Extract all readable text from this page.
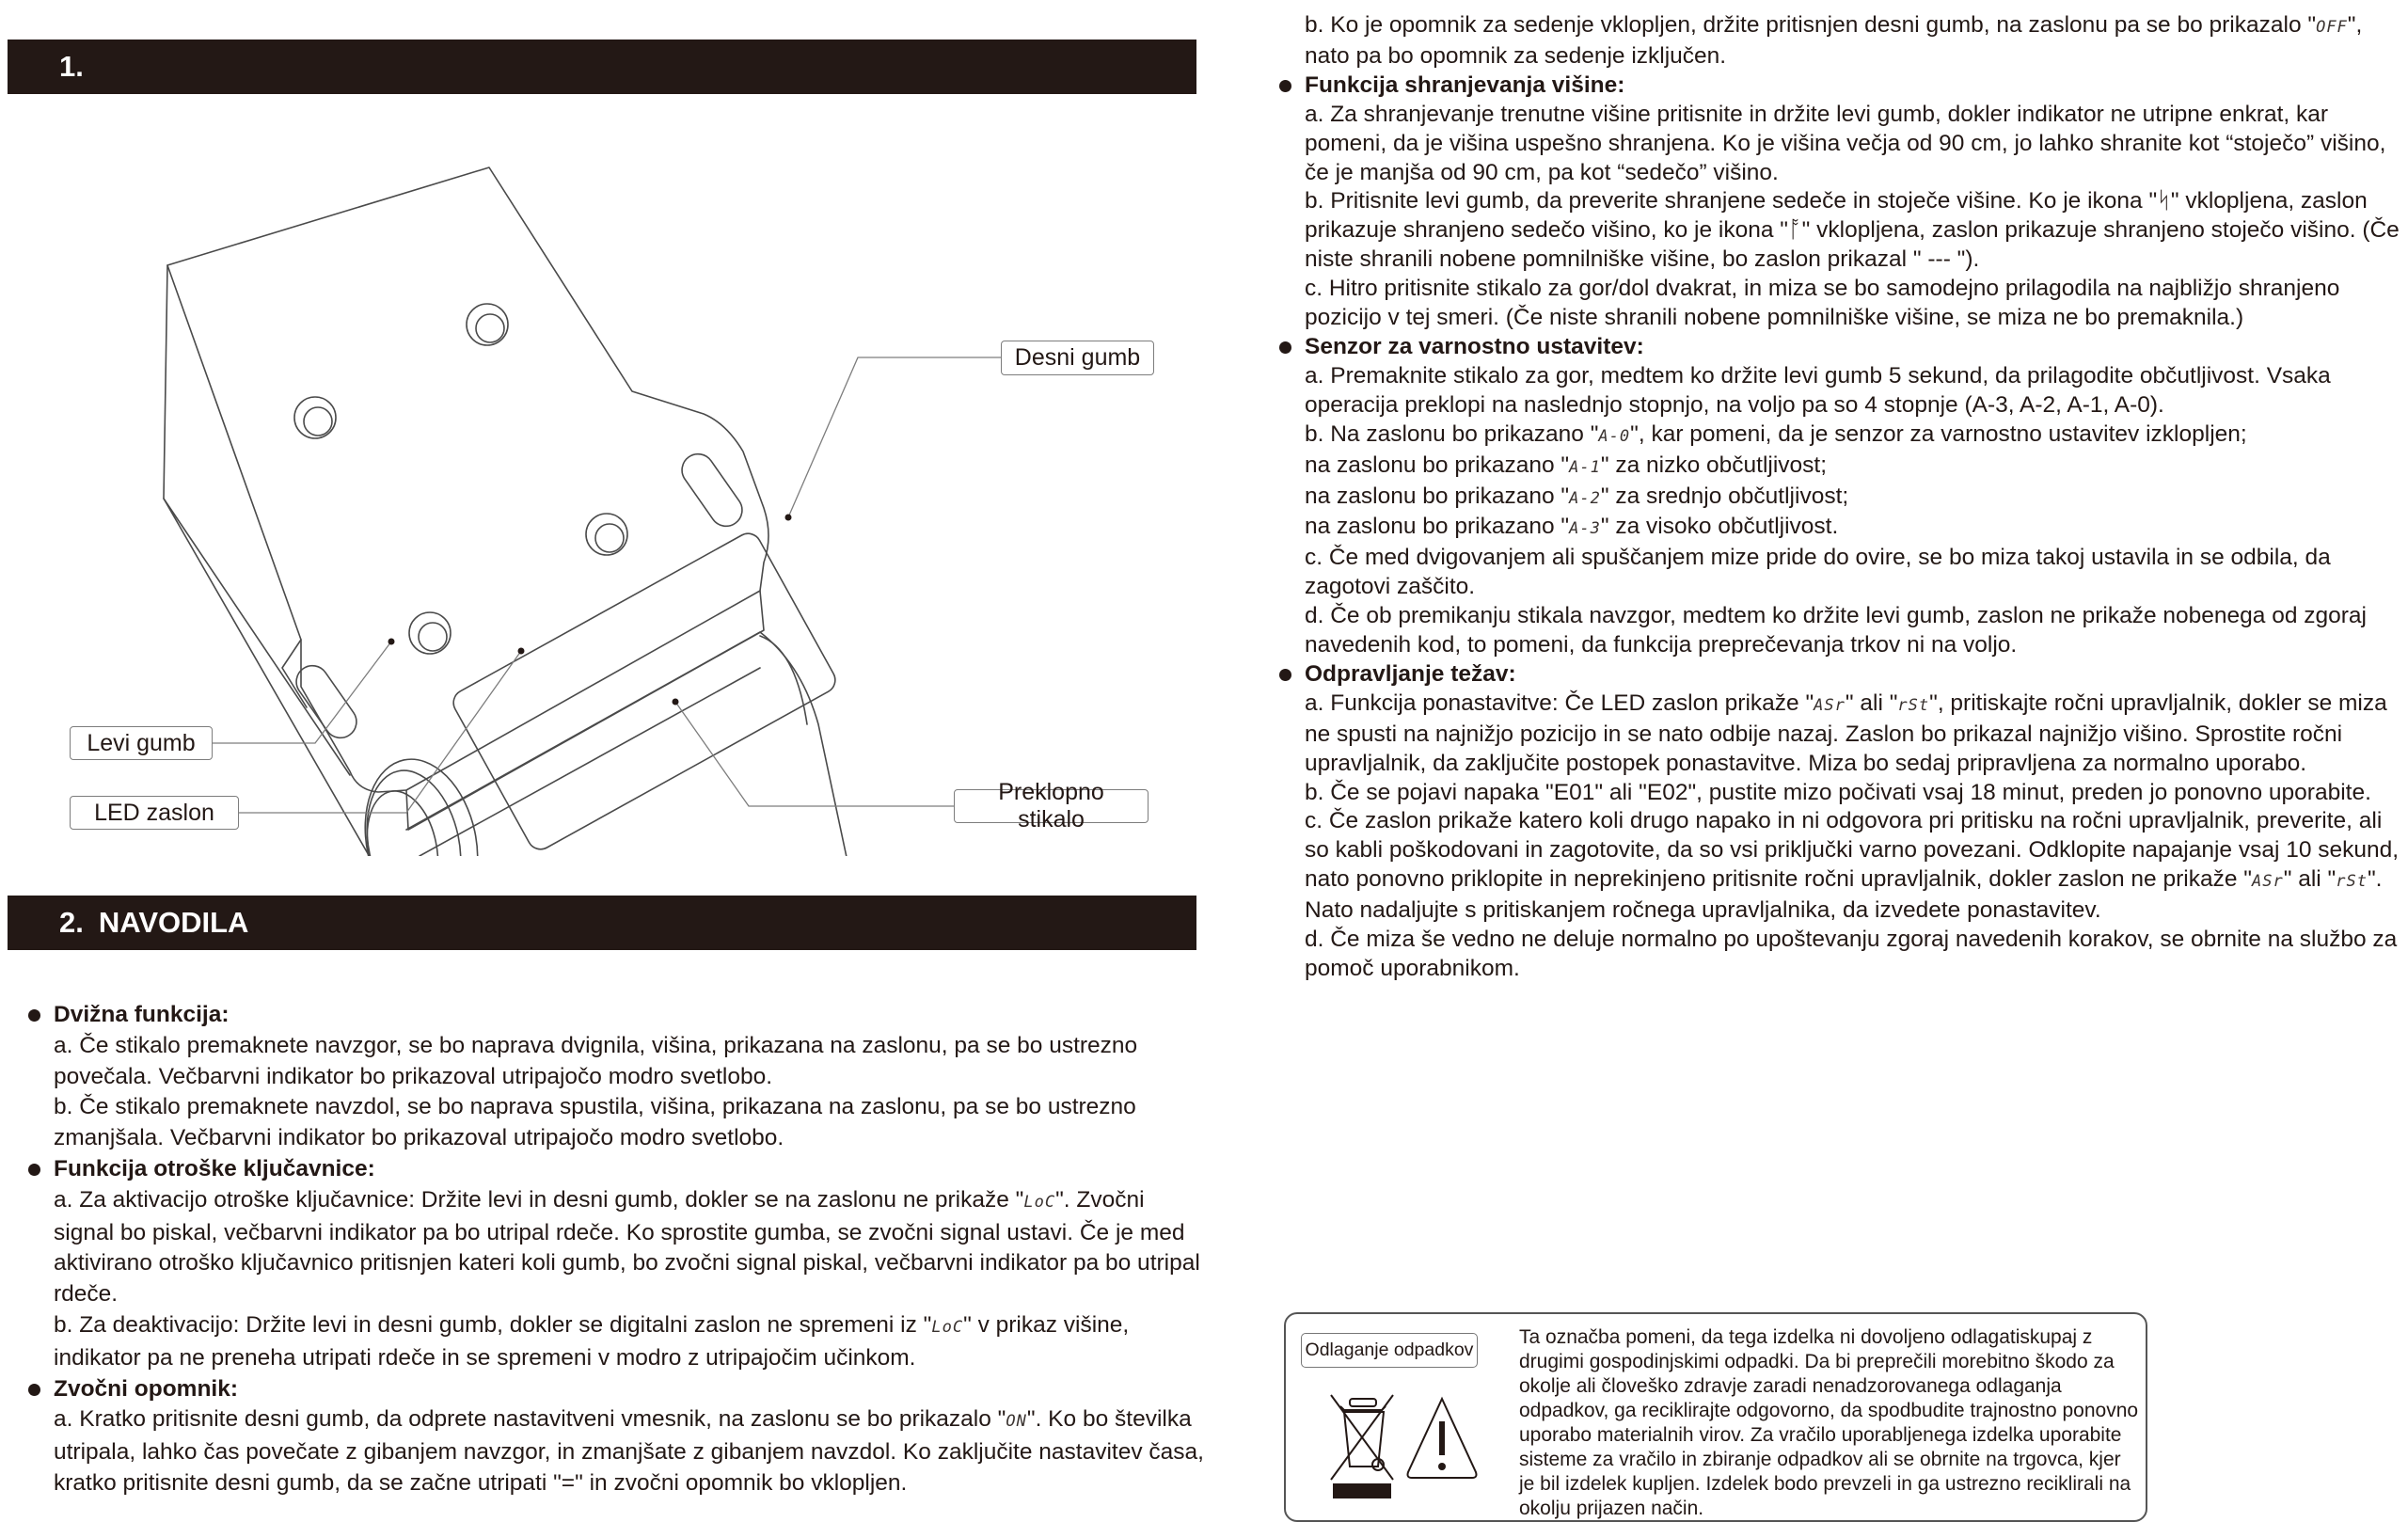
1.
Desni gumb
Levi gumb
LED zaslon
Preklopno stikalo
2. NAVODILA
Dvižna funkcija:
a. Če stikalo premaknete navzgor, se bo naprava dvignila, višina, prikazana na zaslonu, pa se bo ustrezno povečala. Večbarvni indikator bo prikazoval utripajočo modro svetlobo.
b. Če stikalo premaknete navzdol, se bo naprava spustila, višina, prikazana na zaslonu, pa se bo ustrezno zmanjšala. Večbarvni indikator bo prikazoval utripajočo modro svetlobo.
Funkcija otroške ključavnice:
a. Za aktivacijo otroške ključavnice: Držite levi in desni gumb, dokler se na zaslonu ne prikaže "LoC". Zvočni signal bo piskal, večbarvni indikator pa bo utripal rdeče. Ko sprostite gumba, se zvočni signal ustavi. Če je med aktivirano otroško ključavnico pritisnjen kateri koli gumb, bo zvočni signal piskal, večbarvni indikator pa bo utripal rdeče.
b. Za deaktivacijo: Držite levi in desni gumb, dokler se digitalni zaslon ne spremeni iz "LoC" v prikaz višine, indikator pa ne preneha utripati rdeče in se spremeni v modro z utripajočim učinkom.
Zvočni opomnik:
a. Kratko pritisnite desni gumb, da odprete nastavitveni vmesnik, na zaslonu se bo prikazalo "ON". Ko bo številka utripala, lahko čas povečate z gibanjem navzgor, in zmanjšate z gibanjem navzdol. Ko zaključite nastavitev časa, kratko pritisnite desni gumb, da se začne utripati "=" in zvočni opomnik bo vklopljen.
b. Ko je opomnik za sedenje vklopljen, držite pritisnjen desni gumb, na zaslonu pa se bo prikazalo "OFF", nato pa bo opomnik za sedenje izključen.
Funkcija shranjevanja višine:
a. Za shranjevanje trenutne višine pritisnite in držite levi gumb, dokler indikator ne utripne enkrat, kar pomeni, da je višina uspešno shranjena. Ko je višina večja od 90 cm, jo lahko shranite kot “stoječo” višino, če je manjša od 90 cm, pa kot “sedečo” višino.
b. Pritisnite levi gumb, da preverite shranjene sedeče in stoječe višine. Ko je ikona "ᛋ" vklopljena, zaslon prikazuje shranjeno sedečo višino, ko je ikona "ᚩ" vklopljena, zaslon prikazuje shranjeno stoječo višino. (Če niste shranili nobene pomnilniške višine, bo zaslon prikazal " --- ").
c. Hitro pritisnite stikalo za gor/dol dvakrat, in miza se bo samodejno prilagodila na najbližjo shranjeno pozicijo v tej smeri. (Če niste shranili nobene pomnilniške višine, se miza ne bo premaknila.)
Senzor za varnostno ustavitev:
a. Premaknite stikalo za gor, medtem ko držite levi gumb 5 sekund, da prilagodite občutljivost. Vsaka operacija preklopi na naslednjo stopnjo, na voljo pa so 4 stopnje (A-3, A-2, A-1, A-0).
b. Na zaslonu bo prikazano "A-0", kar pomeni, da je senzor za varnostno ustavitev izklopljen;
na zaslonu bo prikazano "A-1" za nizko občutljivost;
na zaslonu bo prikazano "A-2" za srednjo občutljivost;
na zaslonu bo prikazano "A-3" za visoko občutljivost.
c. Če med dvigovanjem ali spuščanjem mize pride do ovire, se bo miza takoj ustavila in se odbila, da zagotovi zaščito.
d. Če ob premikanju stikala navzgor, medtem ko držite levi gumb, zaslon ne prikaže nobenega od zgoraj navedenih kod, to pomeni, da funkcija preprečevanja trkov ni na voljo.
Odpravljanje težav:
a. Funkcija ponastavitve: Če LED zaslon prikaže "ASr" ali "rSt", pritiskajte ročni upravljalnik, dokler se miza ne spusti na najnižjo pozicijo in se nato odbije nazaj. Zaslon bo prikazal najnižjo višino. Sprostite ročni upravljalnik, da zaključite postopek ponastavitve. Miza bo sedaj pripravljena za normalno uporabo.
b. Če se pojavi napaka "E01" ali "E02", pustite mizo počivati vsaj 18 minut, preden jo ponovno uporabite.
c. Če zaslon prikaže katero koli drugo napako in ni odgovora pri pritisku na ročni upravljalnik, preverite, ali so kabli poškodovani in zagotovite, da so vsi priključki varno povezani. Odklopite napajanje vsaj 10 sekund, nato ponovno priklopite in neprekinjeno pritisnite ročni upravljalnik, dokler zaslon ne prikaže "ASr" ali "rSt". Nato nadaljujte s pritiskanjem ročnega upravljalnika, da izvedete ponastavitev.
d. Če miza še vedno ne deluje normalno po upoštevanju zgoraj navedenih korakov, se obrnite na službo za pomoč uporabnikom.
Odlaganje odpadkov
Ta označba pomeni, da tega izdelka ni dovoljeno odlagatiskupaj z drugimi gospodinjskimi odpadki. Da bi preprečili morebitno škodo za okolje ali človeško zdravje zaradi nenadzorovanega odlaganja odpadkov, ga reciklirajte odgovorno, da spodbudite trajnostno ponovno uporabo materialnih virov. Za vračilo uporabljenega izdelka uporabite sisteme za vračilo in zbiranje odpadkov ali se obrnite na trgovca, kjer je bil izdelek kupljen. Izdelek bodo prevzeli in ga ustrezno reciklirali na okolju prijazen način.
